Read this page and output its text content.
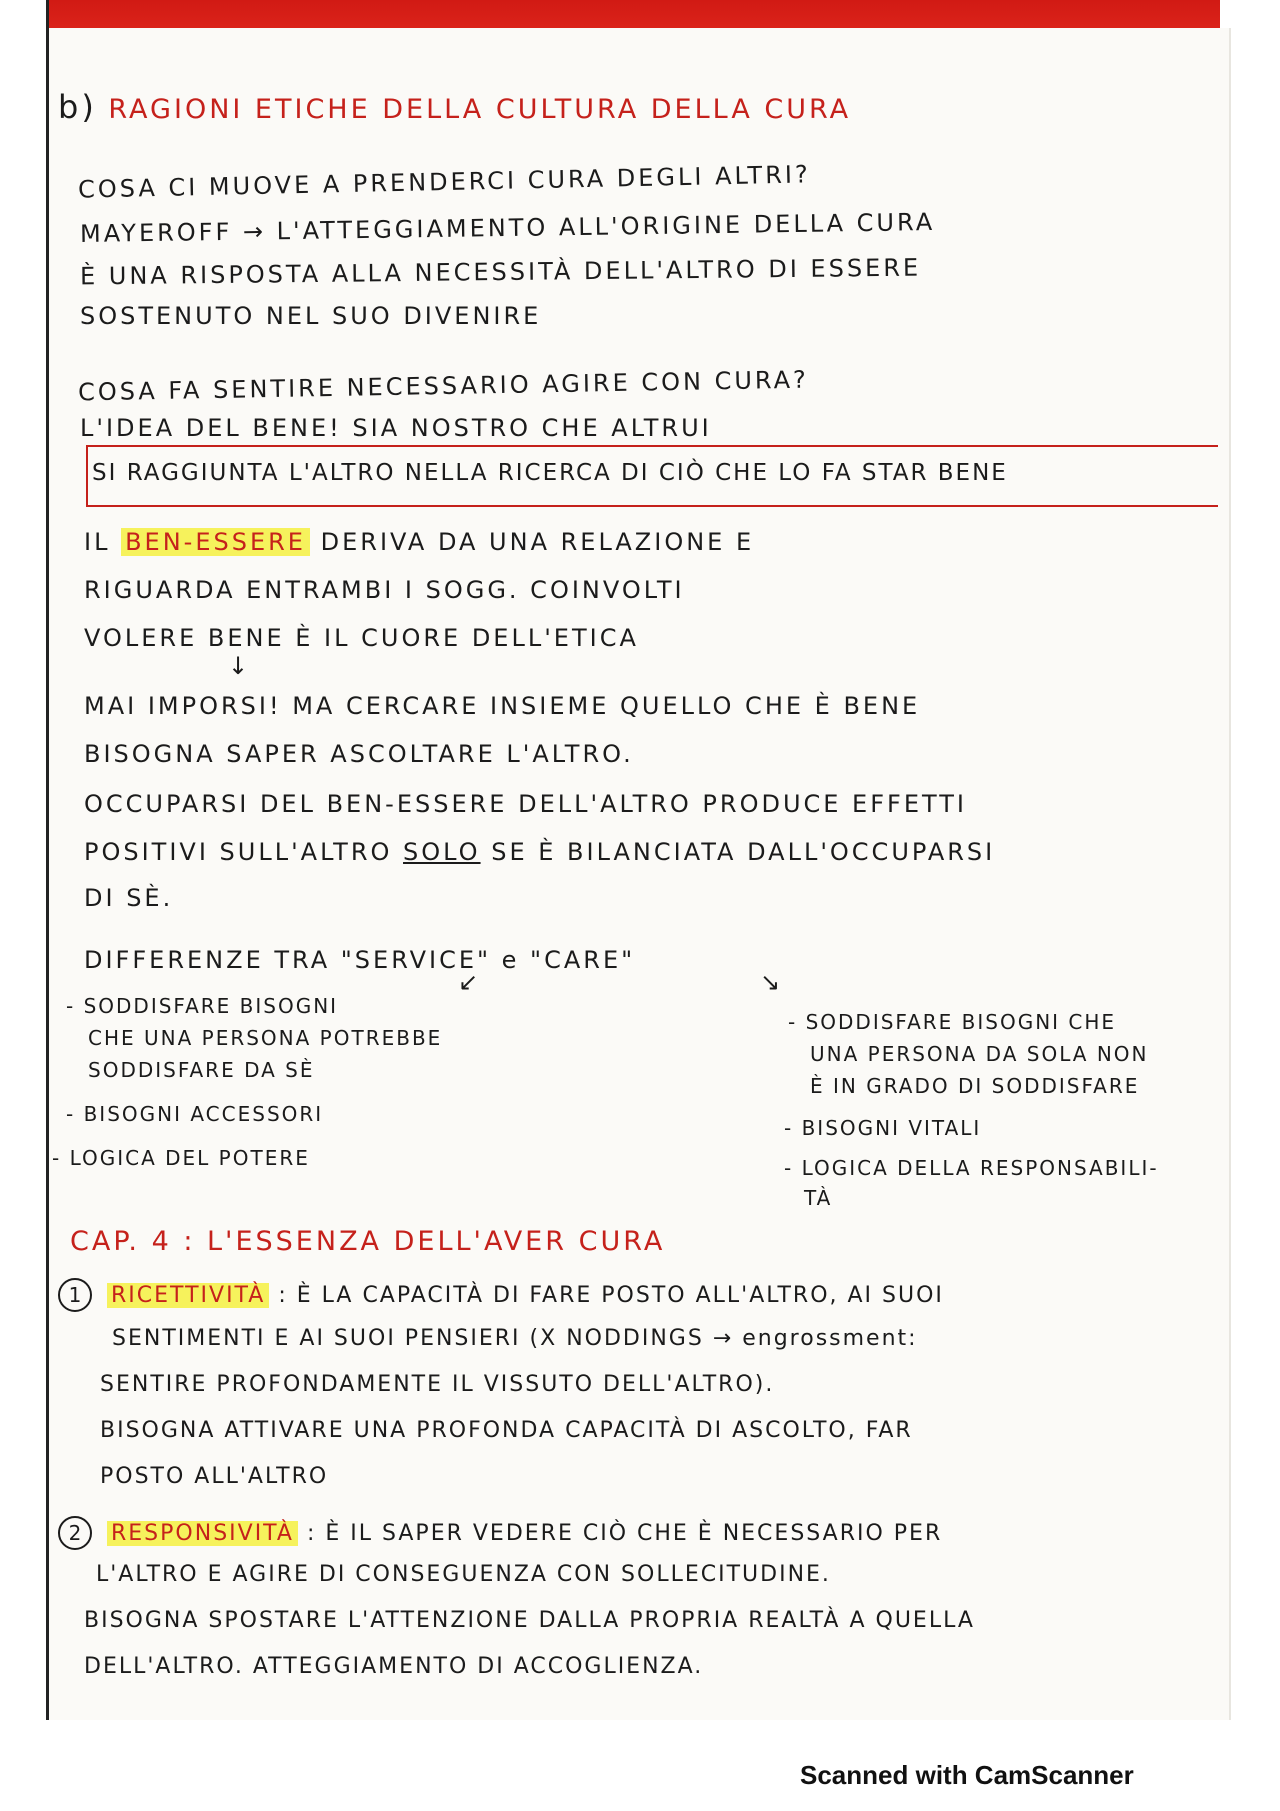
b) RAGIONI ETICHE DELLA CULTURA DELLA CURA
COSA CI MUOVE A PRENDERCI CURA DEGLI ALTRI?
MAYEROFF → L'ATTEGGIAMENTO ALL'ORIGINE DELLA CURA
È UNA RISPOSTA ALLA NECESSITÀ DELL'ALTRO DI ESSERE
SOSTENUTO NEL SUO DIVENIRE
COSA FA SENTIRE NECESSARIO AGIRE CON CURA?
L'IDEA DEL BENE! SIA NOSTRO CHE ALTRUI
SI RAGGIUNTA L'ALTRO NELLA RICERCA DI CIÒ CHE LO FA STAR BENE
IL BEN-ESSERE DERIVA DA UNA RELAZIONE E
RIGUARDA ENTRAMBI I SOGG. COINVOLTI
VOLERE BENE È IL CUORE DELL'ETICA
↓
MAI IMPORSI! MA CERCARE INSIEME QUELLO CHE È BENE
BISOGNA SAPER ASCOLTARE L'ALTRO.
OCCUPARSI DEL BEN-ESSERE DELL'ALTRO PRODUCE EFFETTI
POSITIVI SULL'ALTRO SOLO SE È BILANCIATA DALL'OCCUPARSI
DI SÈ.
DIFFERENZE TRA "SERVICE" e "CARE"
↙	↘
- SODDISFARE BISOGNI
CHE UNA PERSONA POTREBBE
SODDISFARE DA SÈ
- BISOGNI ACCESSORI
- LOGICA DEL POTERE
- SODDISFARE BISOGNI CHE
UNA PERSONA DA SOLA NON
È IN GRADO DI SODDISFARE
- BISOGNI VITALI
- LOGICA DELLA RESPONSABILI-
TÀ
CAP. 4 : L'ESSENZA DELL'AVER CURA
1 RICETTIVITÀ : È LA CAPACITÀ DI FARE POSTO ALL'ALTRO, AI SUOI
SENTIMENTI E AI SUOI PENSIERI (X NODDINGS → engrossment:
SENTIRE PROFONDAMENTE IL VISSUTO DELL'ALTRO).
BISOGNA ATTIVARE UNA PROFONDA CAPACITÀ DI ASCOLTO, FAR
POSTO ALL'ALTRO
2 RESPONSIVITÀ : È IL SAPER VEDERE CIÒ CHE È NECESSARIO PER
L'ALTRO E AGIRE DI CONSEGUENZA CON SOLLECITUDINE.
BISOGNA SPOSTARE L'ATTENZIONE DALLA PROPRIA REALTÀ A QUELLA
DELL'ALTRO. ATTEGGIAMENTO DI ACCOGLIENZA.
Scanned with CamScanner
